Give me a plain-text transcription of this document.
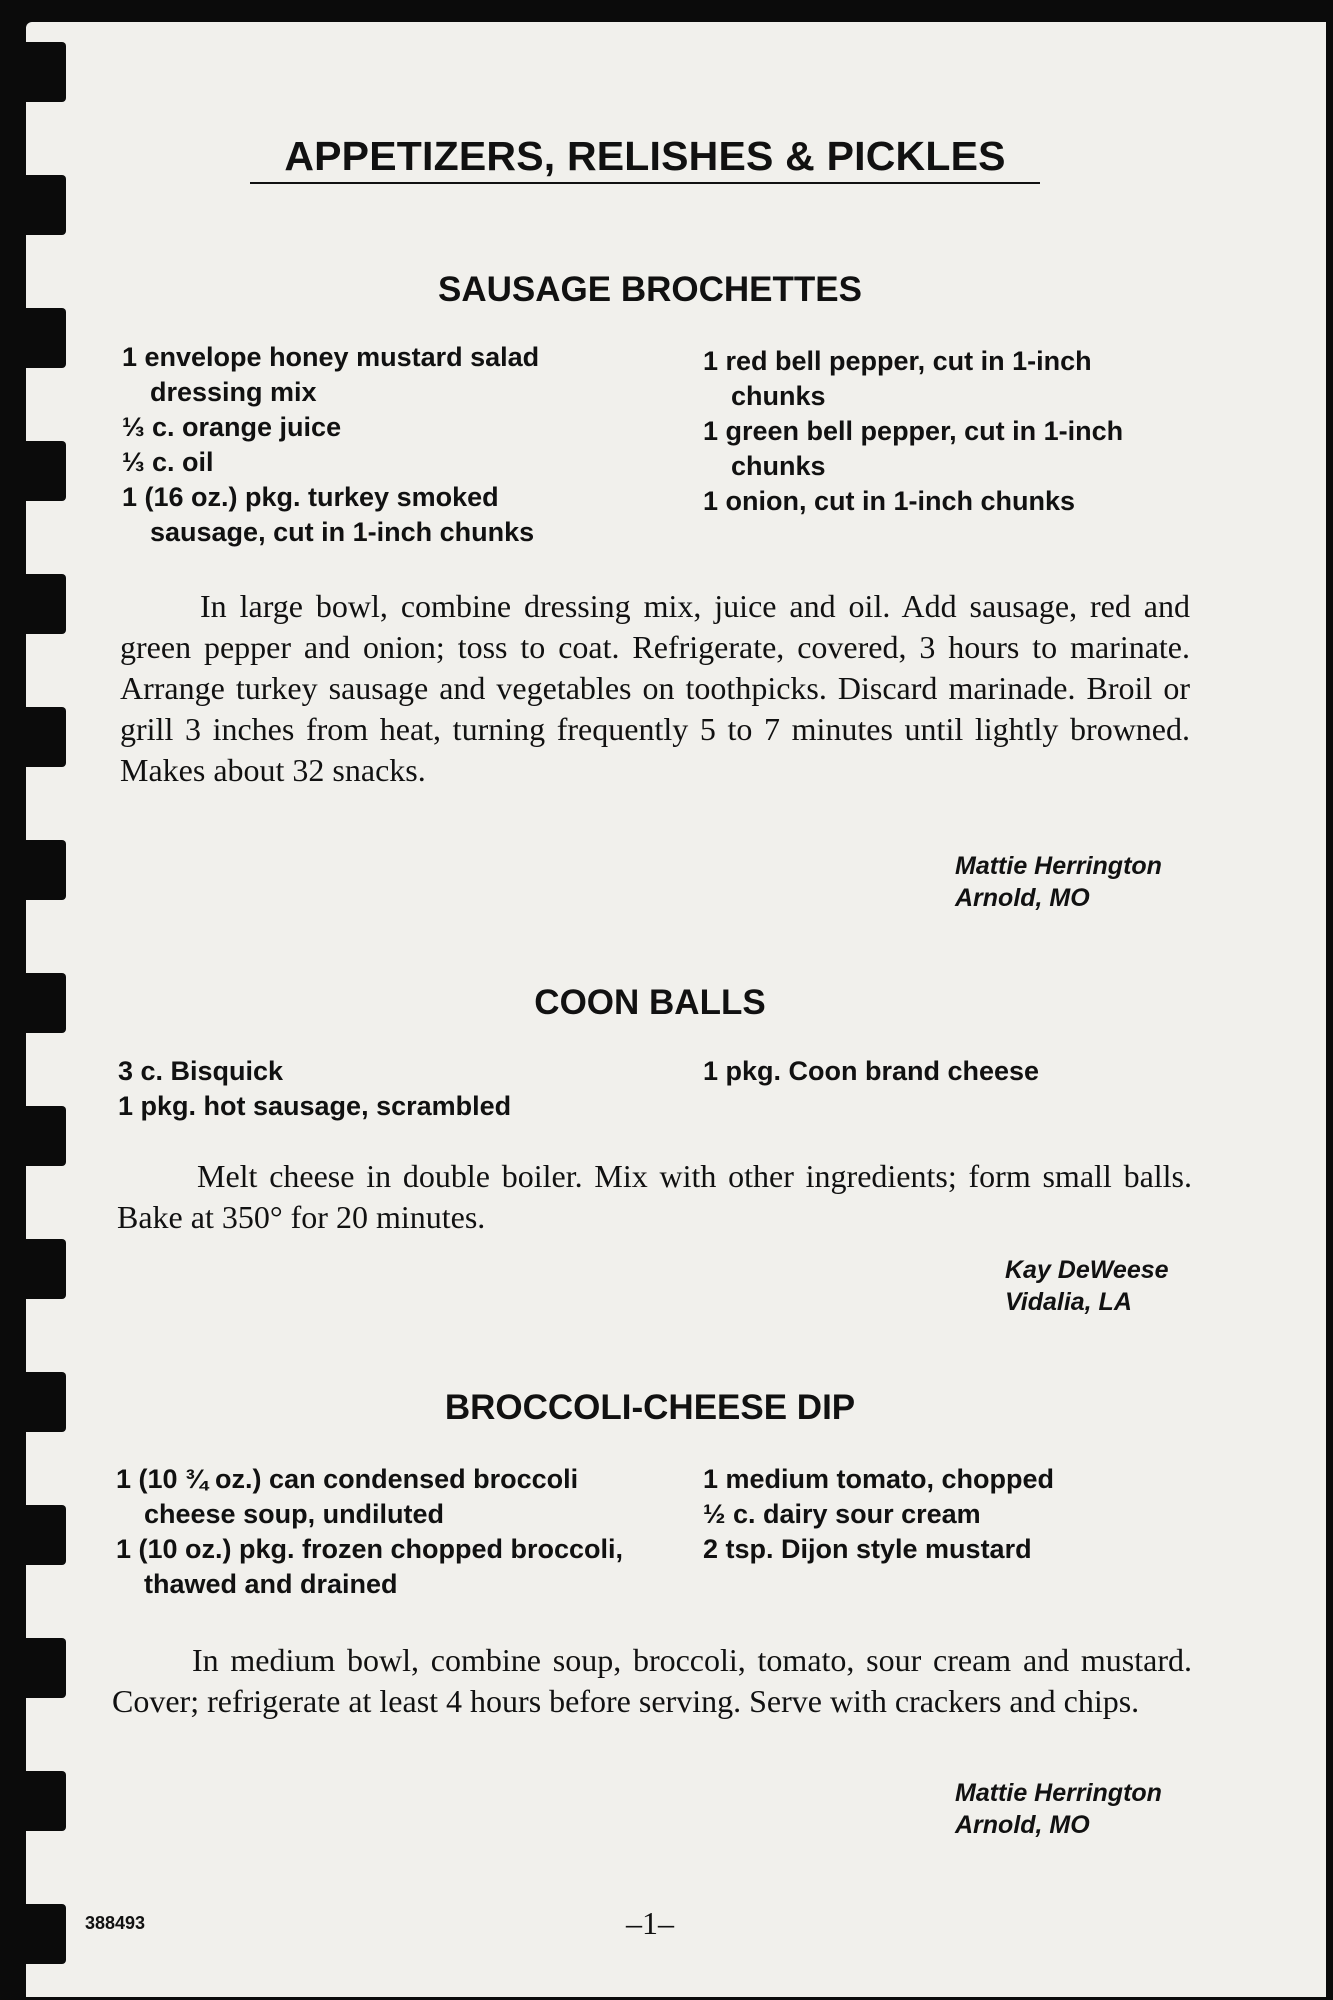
APPETIZERS, RELISHES & PICKLES
SAUSAGE BROCHETTES
1 envelope honey mustard salad dressing mix
⅓ c. orange juice
⅓ c. oil
1 (16 oz.) pkg. turkey smoked sausage, cut in 1-inch chunks
1 red bell pepper, cut in 1-inch chunks
1 green bell pepper, cut in 1-inch chunks
1 onion, cut in 1-inch chunks

In large bowl, combine dressing mix, juice and oil. Add sausage, red and green pepper and onion; toss to coat. Refrigerate, covered, 3 hours to marinate. Arrange turkey sausage and vegetables on toothpicks. Discard marinade. Broil or grill 3 inches from heat, turning frequently 5 to 7 minutes until lightly browned. Makes about 32 snacks.

Mattie Herrington
Arnold, MO
COON BALLS
3 c. Bisquick
1 pkg. hot sausage, scrambled
1 pkg. Coon brand cheese

Melt cheese in double boiler. Mix with other ingredients; form small balls. Bake at 350° for 20 minutes.

Kay DeWeese
Vidalia, LA
BROCCOLI-CHEESE DIP
1 (10 ¾ oz.) can condensed broccoli cheese soup, undiluted
1 (10 oz.) pkg. frozen chopped broccoli, thawed and drained
1 medium tomato, chopped
½ c. dairy sour cream
2 tsp. Dijon style mustard

In medium bowl, combine soup, broccoli, tomato, sour cream and mustard. Cover; refrigerate at least 4 hours before serving. Serve with crackers and chips.

Mattie Herrington
Arnold, MO
388493	–1–
